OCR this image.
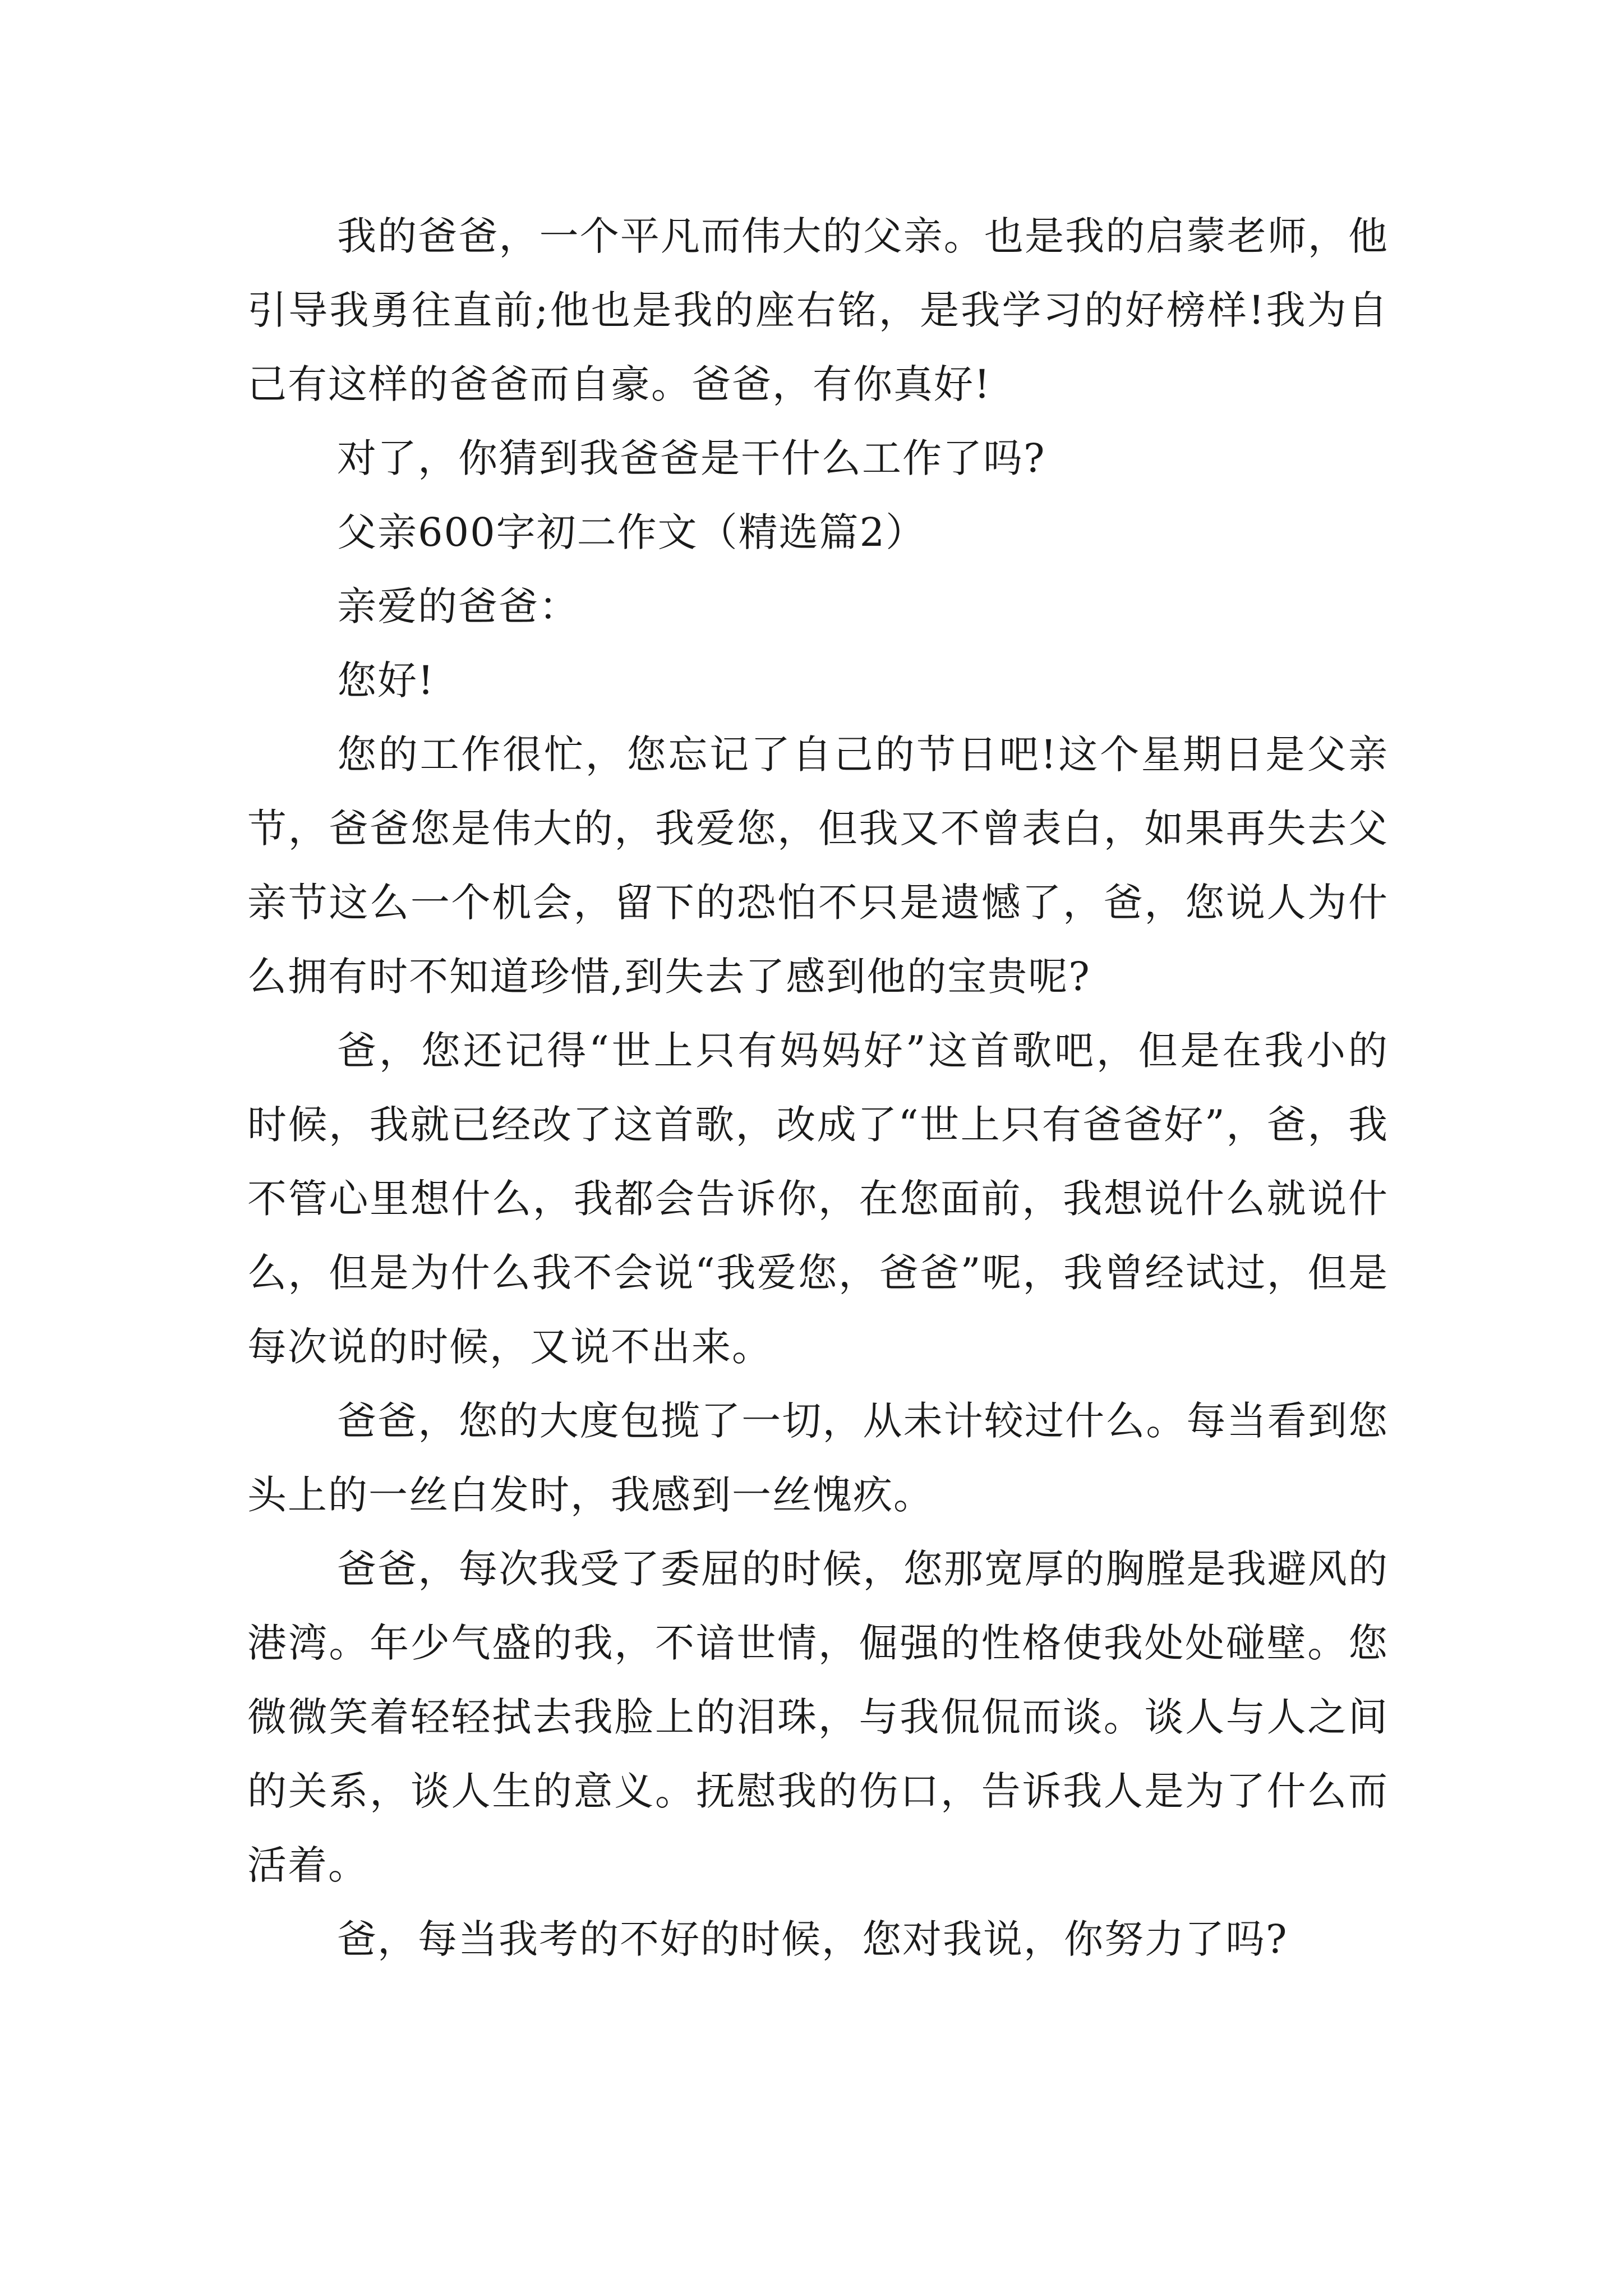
我的爸爸，一个平凡而伟大的父亲。也是我的启蒙老师，他引导我勇往直前;他也是我的座右铭，是我学习的好榜样!我为自己有这样的爸爸而自豪。爸爸，有你真好!

对了，你猜到我爸爸是干什么工作了吗?

父亲600字初二作文（精选篇2）

亲爱的爸爸：

您好!

您的工作很忙，您忘记了自己的节日吧!这个星期日是父亲节，爸爸您是伟大的，我爱您，但我又不曾表白，如果再失去父亲节这么一个机会，留下的恐怕不只是遗憾了，爸，您说人为什么拥有时不知道珍惜,到失去了感到他的宝贵呢?

爸，您还记得“世上只有妈妈好”这首歌吧，但是在我小的时候，我就已经改了这首歌，改成了“世上只有爸爸好”，爸，我不管心里想什么，我都会告诉你，在您面前，我想说什么就说什么，但是为什么我不会说“我爱您，爸爸”呢，我曾经试过，但是每次说的时候，又说不出来。

爸爸，您的大度包揽了一切，从未计较过什么。每当看到您头上的一丝白发时，我感到一丝愧疚。

爸爸，每次我受了委屈的时候，您那宽厚的胸膛是我避风的港湾。年少气盛的我，不谙世情，倔强的性格使我处处碰壁。您微微笑着轻轻拭去我脸上的泪珠，与我侃侃而谈。谈人与人之间的关系，谈人生的意义。抚慰我的伤口，告诉我人是为了什么而活着。

爸，每当我考的不好的时候，您对我说，你努力了吗?
